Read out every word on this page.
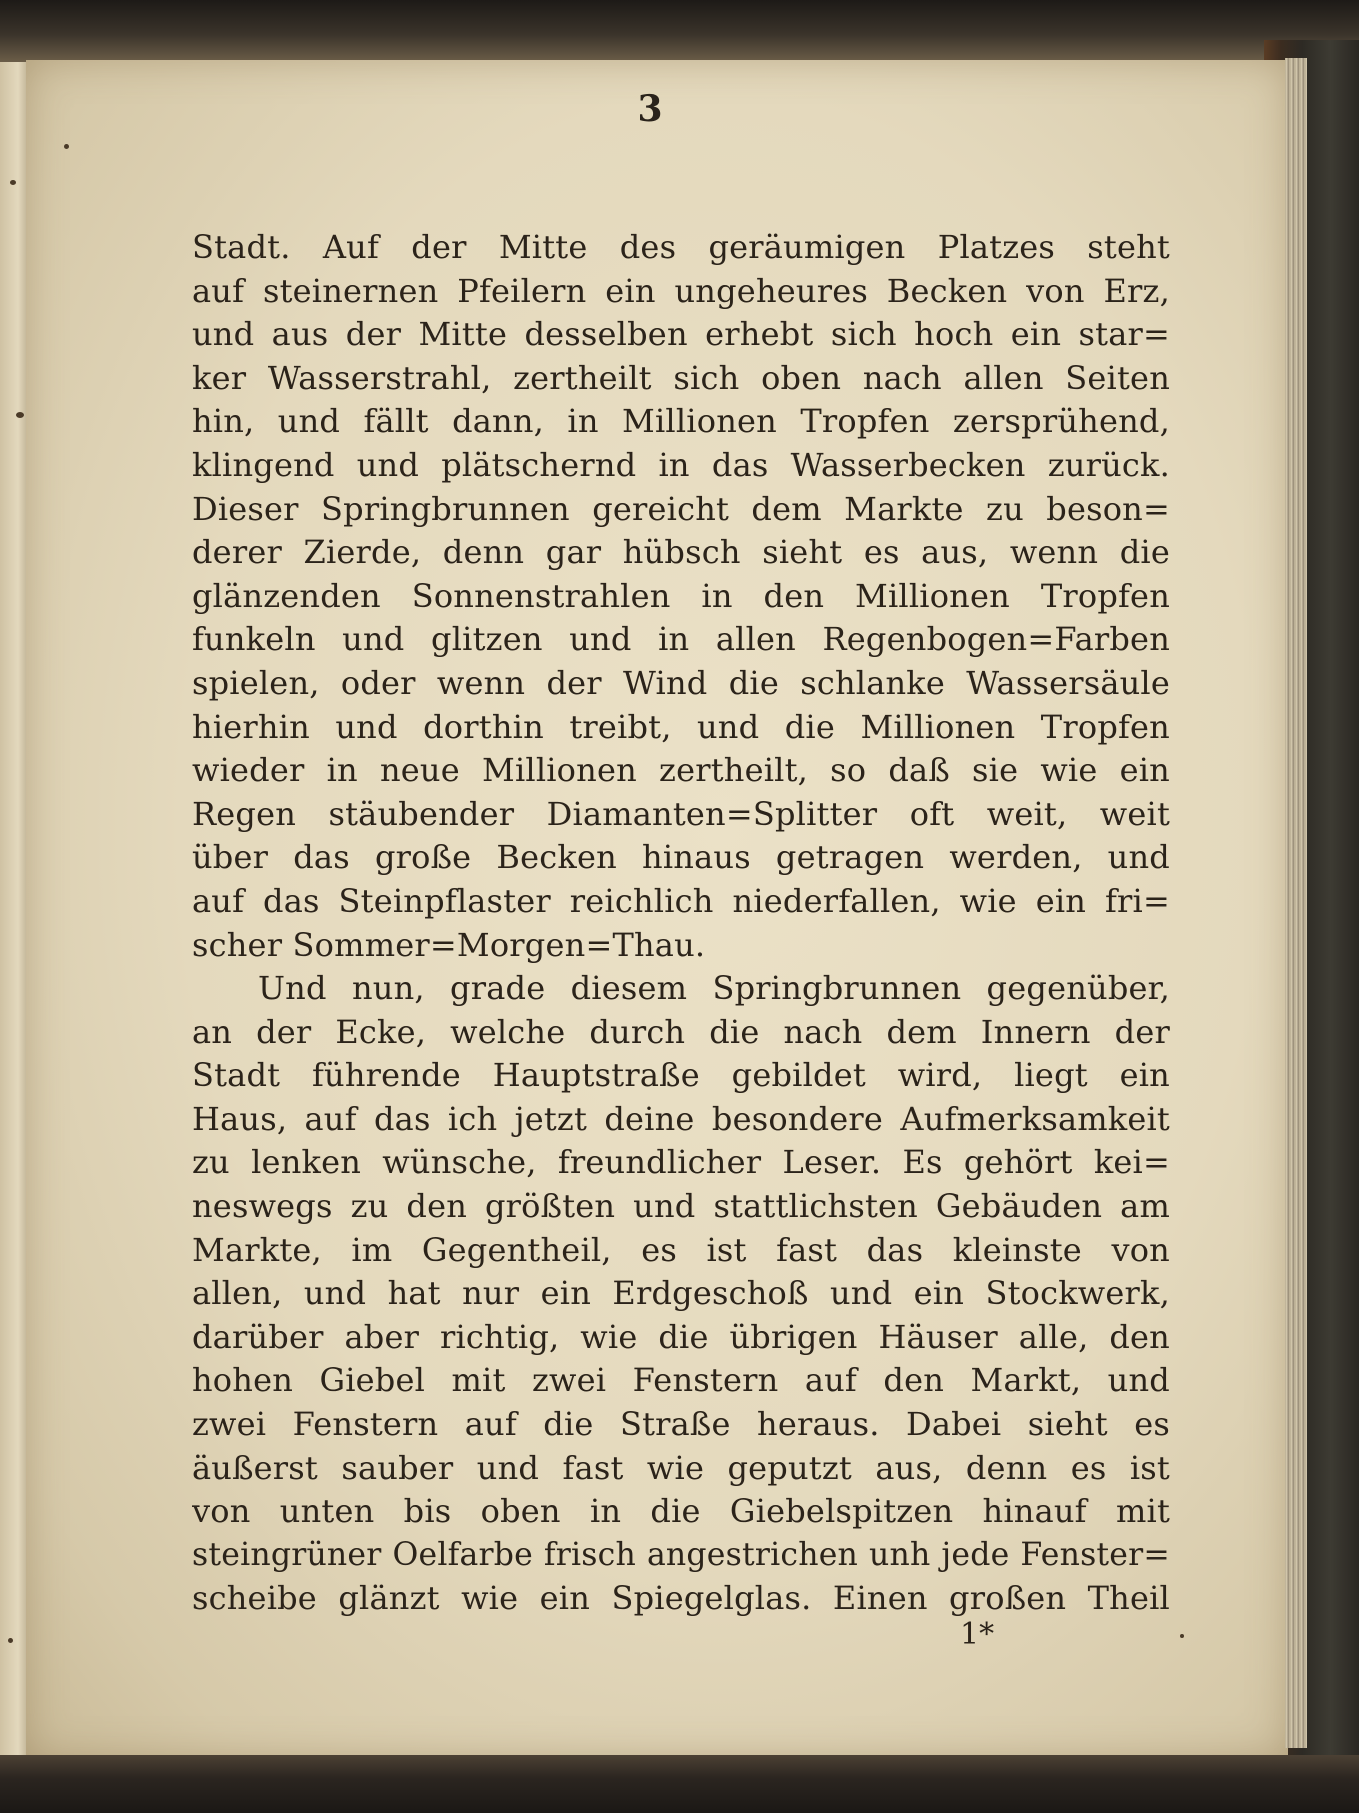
3
Stadt. Auf der Mitte des geräumigen Platzes steht
auf steinernen Pfeilern ein ungeheures Becken von Erz,
und aus der Mitte desselben erhebt sich hoch ein star=
ker Wasserstrahl, zertheilt sich oben nach allen Seiten
hin, und fällt dann, in Millionen Tropfen zersprühend,
klingend und plätschernd in das Wasserbecken zurück.
Dieser Springbrunnen gereicht dem Markte zu beson=
derer Zierde, denn gar hübsch sieht es aus, wenn die
glänzenden Sonnenstrahlen in den Millionen Tropfen
funkeln und glitzen und in allen Regenbogen=Farben
spielen, oder wenn der Wind die schlanke Wassersäule
hierhin und dorthin treibt, und die Millionen Tropfen
wieder in neue Millionen zertheilt, so daß sie wie ein
Regen stäubender Diamanten=Splitter oft weit, weit
über das große Becken hinaus getragen werden, und
auf das Steinpflaster reichlich niederfallen, wie ein fri=
scher Sommer=Morgen=Thau.
Und nun, grade diesem Springbrunnen gegenüber,
an der Ecke, welche durch die nach dem Innern der
Stadt führende Hauptstraße gebildet wird, liegt ein
Haus, auf das ich jetzt deine besondere Aufmerksamkeit
zu lenken wünsche, freundlicher Leser. Es gehört kei=
neswegs zu den größten und stattlichsten Gebäuden am
Markte, im Gegentheil, es ist fast das kleinste von
allen, und hat nur ein Erdgeschoß und ein Stockwerk,
darüber aber richtig, wie die übrigen Häuser alle, den
hohen Giebel mit zwei Fenstern auf den Markt, und
zwei Fenstern auf die Straße heraus. Dabei sieht es
äußerst sauber und fast wie geputzt aus, denn es ist
von unten bis oben in die Giebelspitzen hinauf mit
steingrüner Oelfarbe frisch angestrichen unh jede Fenster=
scheibe glänzt wie ein Spiegelglas. Einen großen Theil
1*
